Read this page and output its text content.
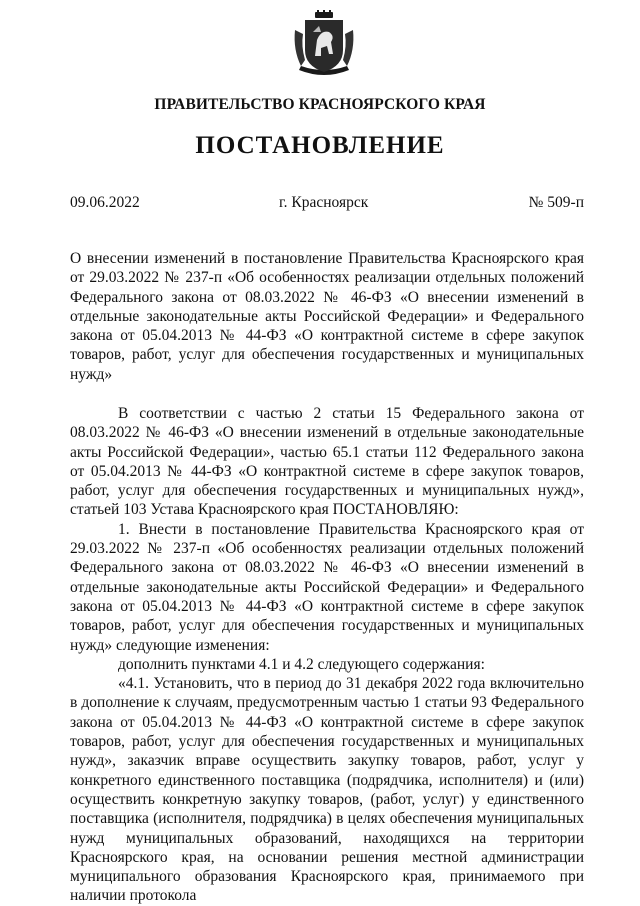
ПРАВИТЕЛЬСТВО КРАСНОЯРСКОГО КРАЯ
ПОСТАНОВЛЕНИЕ
09.06.2022	г. Красноярск	№ 509-п
О внесении изменений в постановление Правительства Красноярского края от 29.03.2022 № 237-п «Об особенностях реализации отдельных положений Федерального закона от 08.03.2022 № 46-ФЗ «О внесении изменений в отдельные законодательные акты Российской Федерации» и Федерального закона от 05.04.2013 № 44-ФЗ «О контрактной системе в сфере закупок товаров, работ, услуг для обеспечения государственных и муниципальных нужд»

В соответствии с частью 2 статьи 15 Федерального закона от 08.03.2022 № 46-ФЗ «О внесении изменений в отдельные законодательные акты Российской Федерации», частью 65.1 статьи 112 Федерального закона от 05.04.2013 № 44-ФЗ «О контрактной системе в сфере закупок товаров, работ, услуг для обеспечения государственных и муниципальных нужд», статьей 103 Устава Красноярского края ПОСТАНОВЛЯЮ:

1. Внести в постановление Правительства Красноярского края от 29.03.2022 № 237-п «Об особенностях реализации отдельных положений Федерального закона от 08.03.2022 № 46-ФЗ «О внесении изменений в отдельные законодательные акты Российской Федерации» и Федерального закона от 05.04.2013 № 44-ФЗ «О контрактной системе в сфере закупок товаров, работ, услуг для обеспечения государственных и муниципальных нужд» следующие изменения:

дополнить пунктами 4.1 и 4.2 следующего содержания:

«4.1. Установить, что в период до 31 декабря 2022 года включительно в дополнение к случаям, предусмотренным частью 1 статьи 93 Федерального закона от 05.04.2013 № 44-ФЗ «О контрактной системе в сфере закупок товаров, работ, услуг для обеспечения государственных и муниципальных нужд», заказчик вправе осуществить закупку товаров, работ, услуг у конкретного единственного поставщика (подрядчика, исполнителя) и (или) осуществить конкретную закупку товаров, (работ, услуг) у единственного поставщика (исполнителя, подрядчика) в целях обеспечения муниципальных нужд муниципальных образований, находящихся на территории Красноярского края, на основании решения местной администрации муниципального образования Красноярского края, принимаемого при наличии протокола
